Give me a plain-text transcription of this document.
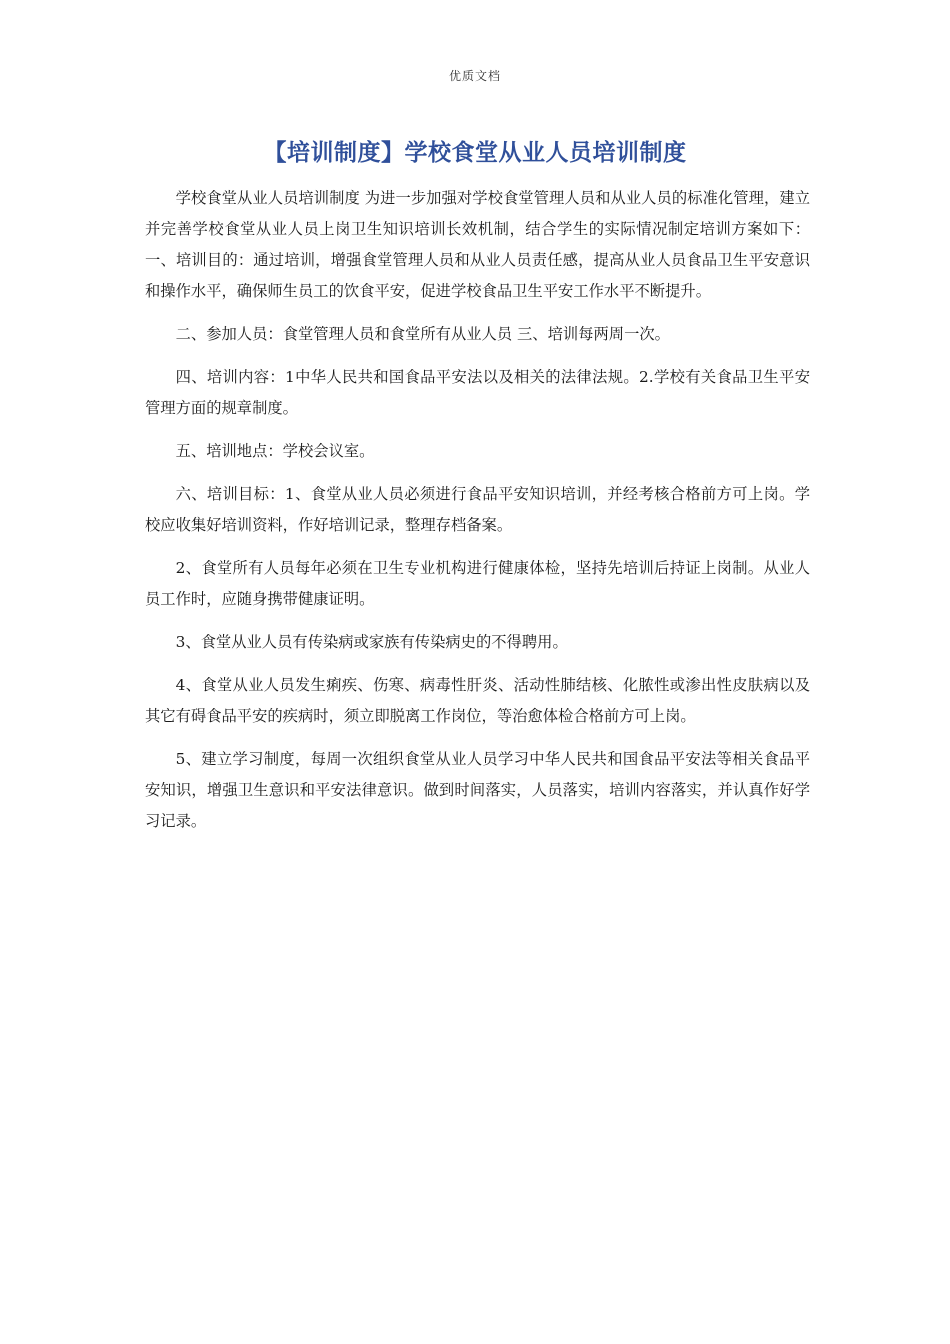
优质文档
【培训制度】学校食堂从业人员培训制度

学校食堂从业人员培训制度 为进一步加强对学校食堂管理人员和从业人员的标准化管理，建立并完善学校食堂从业人员上岗卫生知识培训长效机制，结合学生的实际情况制定培训方案如下：一、培训目的：通过培训，增强食堂管理人员和从业人员责任感，提高从业人员食品卫生平安意识和操作水平，确保师生员工的饮食平安，促进学校食品卫生平安工作水平不断提升。

二、参加人员：食堂管理人员和食堂所有从业人员 三、培训每两周一次。

四、培训内容：1中华人民共和国食品平安法以及相关的法律法规。2.学校有关食品卫生平安管理方面的规章制度。

五、培训地点：学校会议室。

六、培训目标：1、食堂从业人员必须进行食品平安知识培训，并经考核合格前方可上岗。学校应收集好培训资料，作好培训记录，整理存档备案。

2、食堂所有人员每年必须在卫生专业机构进行健康体检，坚持先培训后持证上岗制。从业人员工作时，应随身携带健康证明。

3、食堂从业人员有传染病或家族有传染病史的不得聘用。

4、食堂从业人员发生痢疾、伤寒、病毒性肝炎、活动性肺结核、化脓性或渗出性皮肤病以及其它有碍食品平安的疾病时，须立即脱离工作岗位，等治愈体检合格前方可上岗。

5、建立学习制度，每周一次组织食堂从业人员学习中华人民共和国食品平安法等相关食品平安知识，增强卫生意识和平安法律意识。做到时间落实，人员落实，培训内容落实，并认真作好学习记录。
